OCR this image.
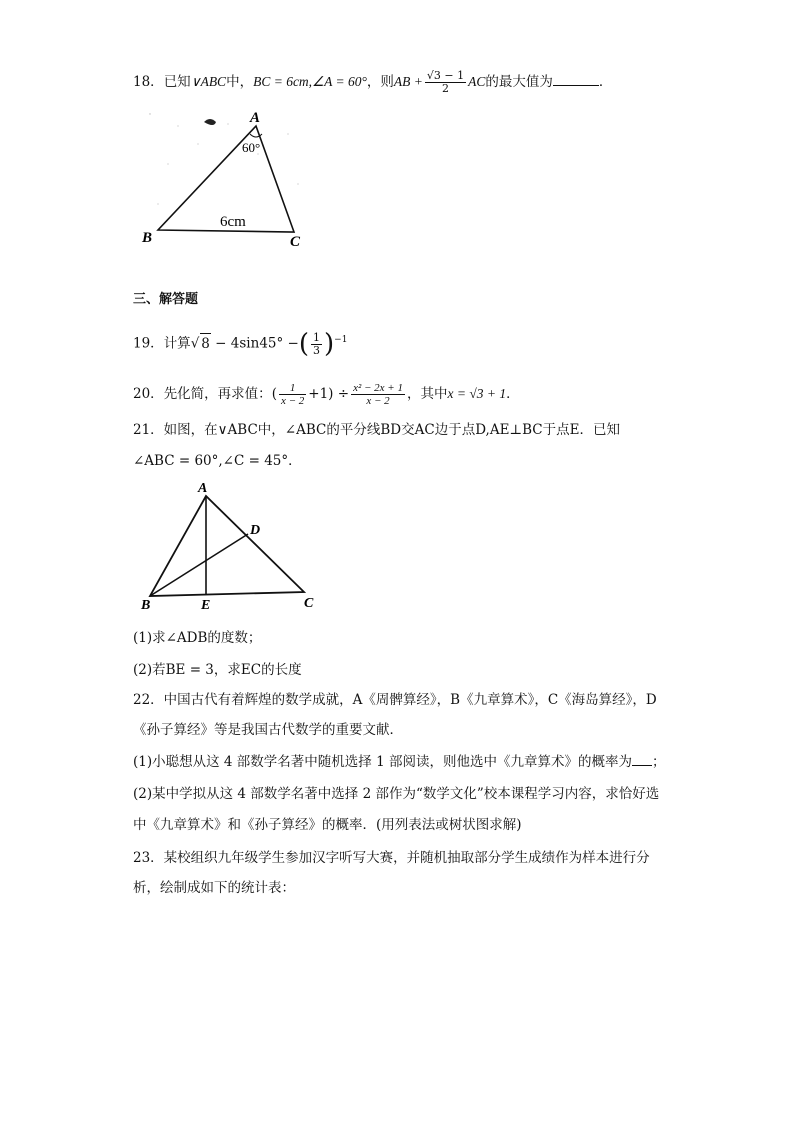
18．已知∨ABC中，BC = 6cm,∠A = 60°，则AB + $\frac{√3 - 1}{2}$ AC的最大值为	．
A
60°
B	C
6cm
三、解答题
19．计算√ 8 − 4sin45° −( $\frac{1}{3} )^{-1}$
20．先化简，再求值：( $\frac{1}{x - 2} +1) \div \frac{\text{x² − 2x + 1}}{x - 2}$ ，其中x = √3 + 1．
21．如图，在∨ABC中，∠ABC的平分线BD交AC边于点D,AE⊥BC于点E．已知
∠ABC = 60°,∠C = 45°．
A
B	C
D
E
(1)求∠ADB的度数；
(2)若BE = 3，求EC的长度
22．中国古代有着辉煌的数学成就，A《周髀算经》，B《九章算术》，C《海岛算经》，D
《孙子算经》等是我国古代数学的重要文献．
(1)小聪想从这 4 部数学名著中随机选择 1 部阅读，则他选中《九章算术》的概率为 ；
(2)某中学拟从这 4 部数学名著中选择 2 部作为“数学文化”校本课程学习内容，求恰好选
中《九章算术》和《孙子算经》的概率．(用列表法或树状图求解)
23．某校组织九年级学生参加汉字听写大赛，并随机抽取部分学生成绩作为样本进行分
析，绘制成如下的统计表：
